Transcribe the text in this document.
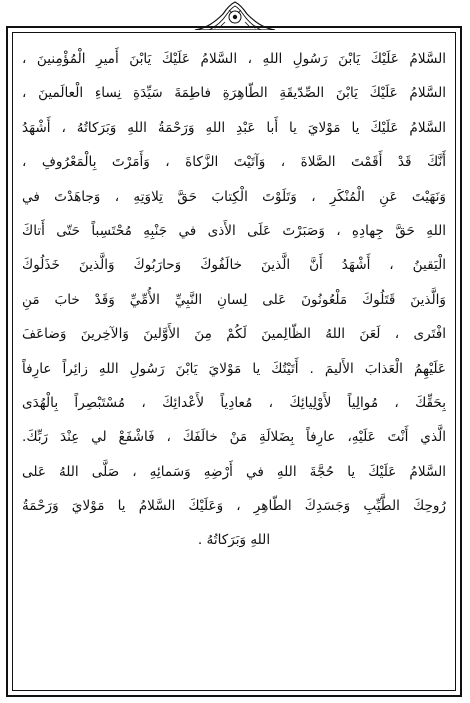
السَّلامُ عَلَيْكَ يَابْنَ رَسُولِ اللهِ ، السَّلامُ عَلَيْكَ يَابْنَ أَميرِ الْمُؤْمِنينَ ،
السَّلامُ عَلَيْكَ يَابْنَ الصِّدّيقَةِ الطّاهِرَةِ فاطِمَةَ سَيِّدَةِ نِساءِ الْعالَمينَ ،
السَّلامُ عَلَيْكَ يا مَوْلايَ يا أَبا عَبْدِ اللهِ وَرَحْمَةُ اللهِ وَبَرَكاتُهُ ، أَشْهَدُ
أَنَّكَ قَدْ أَقَمْتَ الصَّلاةَ ، وَآتَيْتَ الزَّكاةَ ، وَأَمَرْتَ بِالْمَعْرُوفِ ،
وَنَهَيْتَ عَنِ الْمُنْكَرِ ، وَتَلَوْتَ الْكِتابَ حَقَّ تِلاوَتِهِ ، وَجاهَدْتَ في
اللهِ حَقَّ جِهادِهِ ، وَصَبَرْتَ عَلَى الأَذى في جَنْبِهِ مُحْتَسِباً حَتّى أَتاكَ
الْيَقينُ ، أَشْهَدُ أَنَّ الَّذينَ خالَفُوكَ وَحارَبُوكَ وَالَّذينَ خَذَلُوكَ
وَالَّذينَ قَتَلُوكَ مَلْعُونُونَ عَلى لِسانِ النَّبِيِّ الأُمِّيِّ وَقَدْ خابَ مَنِ
افْتَرى ، لَعَنَ اللهُ الظّالِمينَ لَكُمْ مِنَ الأَوَّلينَ وَالآخِرينَ وَضاعَفَ
عَلَيْهِمُ الْعَذابَ الأَليمَ . أَتَيْتُكَ يا مَوْلايَ يَابْنَ رَسُولِ اللهِ زائِراً عارِفاً
بِحَقِّكَ ، مُوالِياً لأَوْلِيائِكَ ، مُعادِياً لأَعْدائِكَ ، مُسْتَبْصِراً بِالْهُدَى
الَّذي أَنْتَ عَلَيْهِ، عارِفاً بِضَلالَةِ مَنْ خالَفَكَ ، فَاشْفَعْ لي عِنْدَ رَبِّكَ.
السَّلامُ عَلَيْكَ يا حُجَّةَ اللهِ في أَرْضِهِ وَسَمائِهِ ، صَلَّى اللهُ عَلى
رُوحِكَ الطَّيِّبِ وَجَسَدِكَ الطّاهِرِ ، وَعَلَيْكَ السَّلامُ يا مَوْلايَ وَرَحْمَةُ
اللهِ وَبَرَكاتُهُ .
